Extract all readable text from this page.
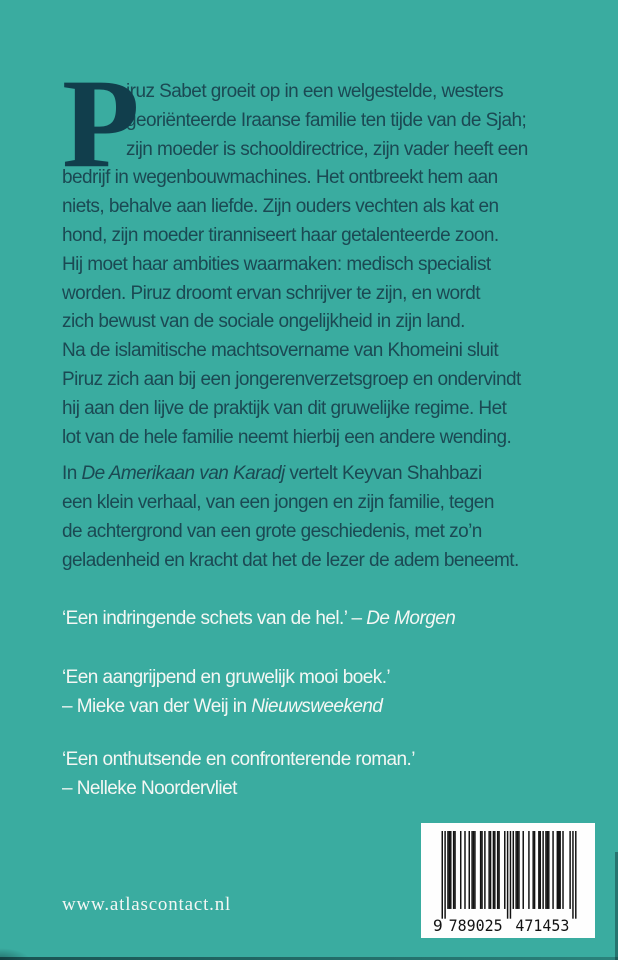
P
iruz Sabet groeit op in een welgestelde, westers
georiënteerde Iraanse familie ten tijde van de Sjah;
zijn moeder is schooldirectrice, zijn vader heeft een
bedrijf in wegenbouwmachines. Het ontbreekt hem aan
niets, behalve aan liefde. Zijn ouders vechten als kat en
hond, zijn moeder tiranniseert haar getalenteerde zoon.
Hij moet haar ambities waarmaken: medisch specialist
worden. Piruz droomt ervan schrijver te zijn, en wordt
zich bewust van de sociale ongelijkheid in zijn land.
Na de islamitische machtsovername van Khomeini sluit
Piruz zich aan bij een jongerenverzetsgroep en ondervindt
hij aan den lijve de praktijk van dit gruwelijke regime. Het
lot van de hele familie neemt hierbij een andere wending.
In De Amerikaan van Karadj vertelt Keyvan Shahbazi
een klein verhaal, van een jongen en zijn familie, tegen
de achtergrond van een grote geschiedenis, met zo’n
geladenheid en kracht dat het de lezer de adem beneemt.
‘Een indringende schets van de hel.’ – De Morgen
‘Een aangrijpend en gruwelijk mooi boek.’
– Mieke van der Weij in Nieuwsweekend
‘Een onthutsende en confronterende roman.’
– Nelleke Noordervliet
www.atlascontact.nl
9 789025 471453
